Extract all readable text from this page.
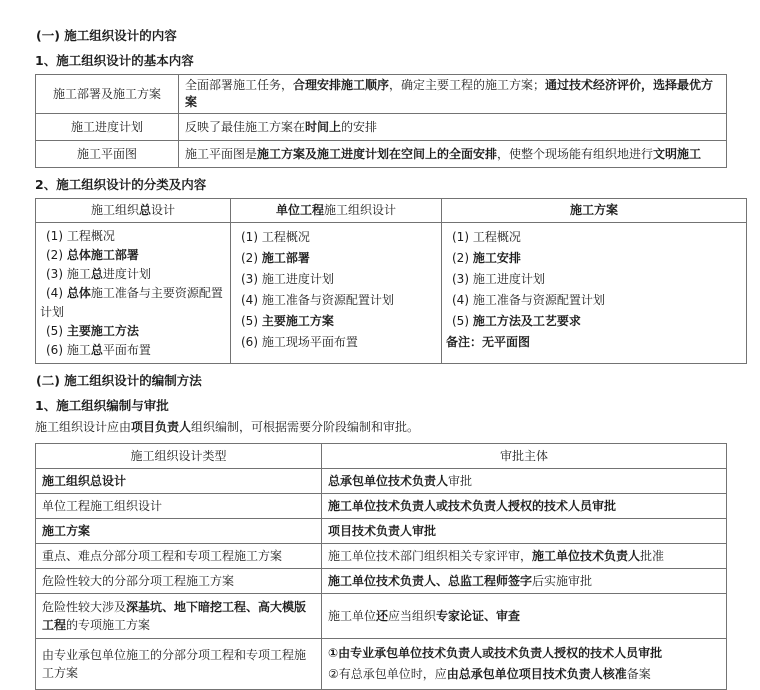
(一) 施工组织设计的内容
1、施工组织设计的基本内容
施工部署及施工方案	全面部署施工任务，合理安排施工顺序，确定主要工程的施工方案；通过技术经济评价，选择最优方案
施工进度计划	反映了最佳施工方案在时间上的安排
施工平面图	施工平面图是施工方案及施工进度计划在空间上的全面安排，使整个现场能有组织地进行文明施工
2、施工组织设计的分类及内容
施工组织总设计	单位工程施工组织设计	施工方案

(1) 工程概况
(2) 总体施工部署
(3) 施工总进度计划
(4) 总体施工准备与主要资源配置计划
(5) 主要施工方法
(6) 施工总平面布置

(1) 工程概况
(2) 施工部署
(3) 施工进度计划
(4) 施工准备与资源配置计划
(5) 主要施工方案
(6) 施工现场平面布置

(1) 工程概况
(2) 施工安排
(3) 施工进度计划
(4) 施工准备与资源配置计划
(5) 施工方法及工艺要求
备注：无平面图
(二) 施工组织设计的编制方法
1、施工组织编制与审批
施工组织设计应由项目负责人组织编制，可根据需要分阶段编制和审批。
施工组织设计类型	审批主体
施工组织总设计	总承包单位技术负责人审批
单位工程施工组织设计	施工单位技术负责人或技术负责人授权的技术人员审批
施工方案	项目技术负责人审批
重点、难点分部分项工程和专项工程施工方案	施工单位技术部门组织相关专家评审，施工单位技术负责人批准
危险性较大的分部分项工程施工方案	施工单位技术负责人、总监工程师签字后实施审批
危险性较大涉及深基坑、地下暗挖工程、高大模版工程的专项施工方案	施工单位还应当组织专家论证、审查
由专业承包单位施工的分部分项工程和专项工程施工方案	①由专业承包单位技术负责人或技术负责人授权的技术人员审批
②有总承包单位时，应由总承包单位项目技术负责人核准备案
